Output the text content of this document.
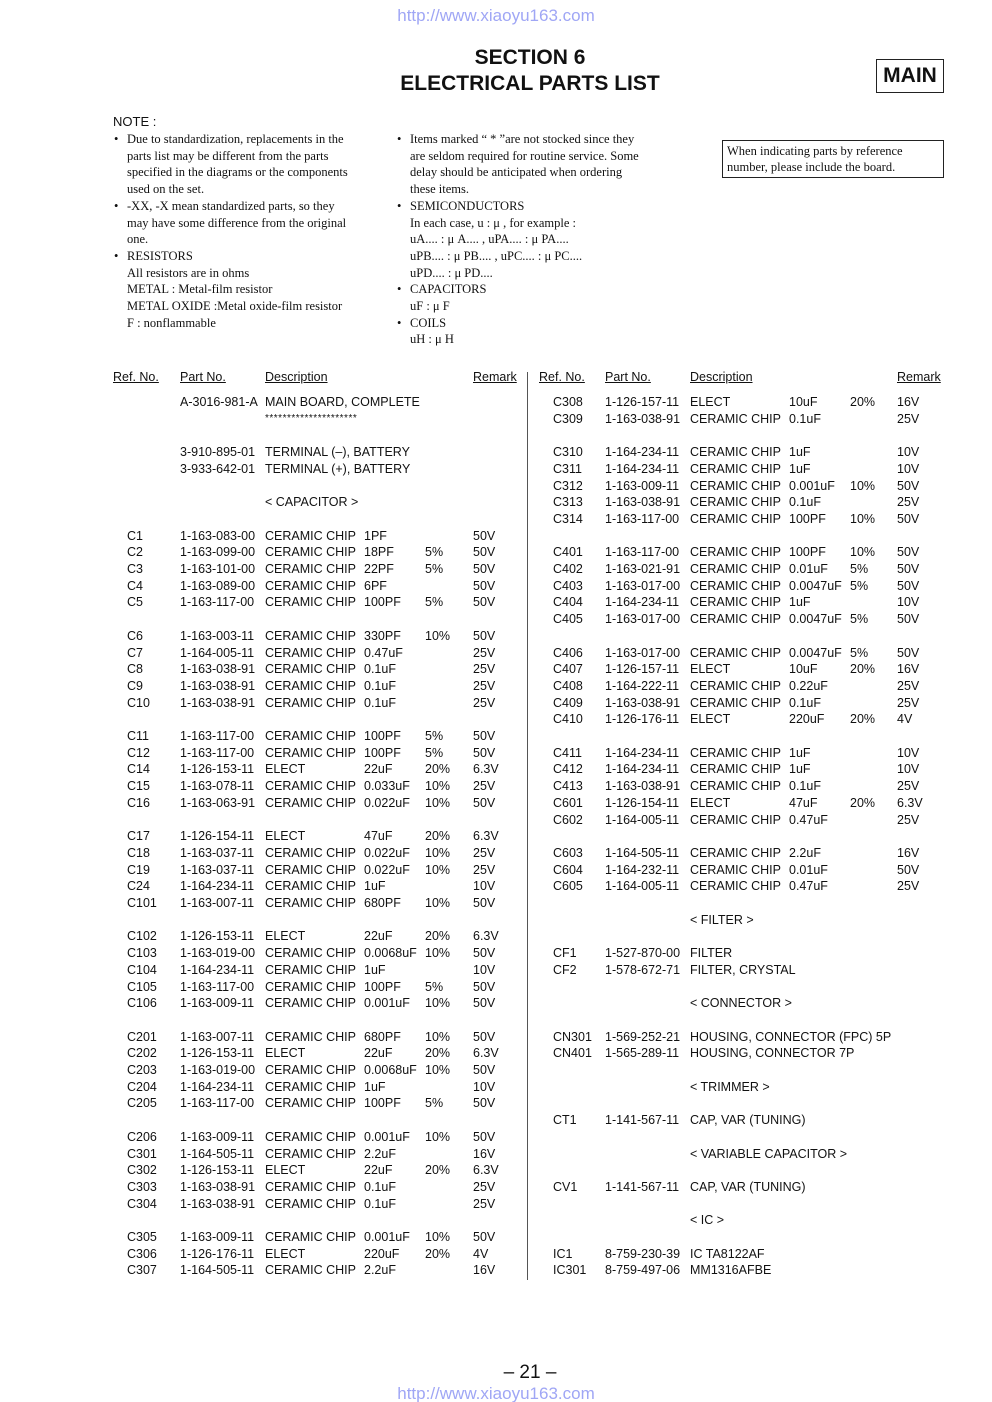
http://www.xiaoyu163.com
SECTION 6
ELECTRICAL PARTS LIST	MAIN
NOTE :
• Due to standardization, replacements in the
parts list may be different from the parts
specified in the diagrams or the components
used on the set.
• -XX, -X mean standardized parts, so they
may have some difference from the original
one.
• RESISTORS
All resistors are in ohms
METAL : Metal-film resistor
METAL OXIDE :Metal oxide-film resistor
F : nonflammable
• Items marked “ * ”are not stocked since they
are seldom required for routine service. Some
delay should be anticipated when ordering
these items.
• SEMICONDUCTORS
In each case, u : μ , for example :
uA.... : μ A.... , uPA.... : μ PA....
uPB.... : μ PB.... , uPC.... : μ PC....
uPD.... : μ PD....
• CAPACITORS
uF : μ F
• COILS
uH : μ H
When indicating parts by reference number, please include the board.
Ref. No. Part No.	Description	Remark Ref. No. Part No.	Description	Remark
A-3016-981-A MAIN BOARD, COMPLETE
*********************
3-910-895-01 TERMINAL (–), BATTERY
3-933-642-01 TERMINAL (+), BATTERY
< CAPACITOR >
C1	1-163-083-00 CERAMIC CHIP 1PF	50V
C2	1-163-099-00 CERAMIC CHIP 18PF 5% 50V
C3	1-163-101-00 CERAMIC CHIP 22PF 5% 50V
C4	1-163-089-00 CERAMIC CHIP 6PF	50V
C5	1-163-117-00 CERAMIC CHIP 100PF 5% 50V
C6	1-163-003-11 CERAMIC CHIP 330PF 10% 50V
C7	1-164-005-11 CERAMIC CHIP 0.47uF	25V
C8	1-163-038-91 CERAMIC CHIP 0.1uF	25V
C9	1-163-038-91 CERAMIC CHIP 0.1uF	25V
C10 1-163-038-91 CERAMIC CHIP 0.1uF	25V
C11 1-163-117-00 CERAMIC CHIP 100PF 5% 50V
C12 1-163-117-00 CERAMIC CHIP 100PF 5% 50V
C14 1-126-153-11 ELECT	22uF	20% 6.3V
C15 1-163-078-11 CERAMIC CHIP 0.033uF 10% 25V
C16 1-163-063-91 CERAMIC CHIP 0.022uF 10% 50V
C17 1-126-154-11 ELECT	47uF	20% 6.3V
C18 1-163-037-11 CERAMIC CHIP 0.022uF 10% 25V
C19 1-163-037-11 CERAMIC CHIP 0.022uF 10% 25V
C24 1-164-234-11 CERAMIC CHIP 1uF	10V
C101 1-163-007-11 CERAMIC CHIP 680PF 10% 50V
C102 1-126-153-11 ELECT	22uF	20% 6.3V
C103 1-163-019-00 CERAMIC CHIP 0.0068uF 10% 50V
C104 1-164-234-11 CERAMIC CHIP 1uF	10V
C105 1-163-117-00 CERAMIC CHIP 100PF 5% 50V
C106 1-163-009-11 CERAMIC CHIP 0.001uF 10% 50V
C201 1-163-007-11 CERAMIC CHIP 680PF 10% 50V
C202 1-126-153-11 ELECT	22uF	20% 6.3V
C203 1-163-019-00 CERAMIC CHIP 0.0068uF 10% 50V
C204 1-164-234-11 CERAMIC CHIP 1uF	10V
C205 1-163-117-00 CERAMIC CHIP 100PF 5% 50V
C206 1-163-009-11 CERAMIC CHIP 0.001uF 10% 50V
C301 1-164-505-11 CERAMIC CHIP 2.2uF	16V
C302 1-126-153-11 ELECT	22uF	20% 6.3V
C303 1-163-038-91 CERAMIC CHIP 0.1uF	25V
C304 1-163-038-91 CERAMIC CHIP 0.1uF	25V
C305 1-163-009-11 CERAMIC CHIP 0.001uF 10% 50V
C306 1-126-176-11 ELECT	220uF 20% 4V
C307 1-164-505-11 CERAMIC CHIP 2.2uF	16V
C308 1-126-157-11 ELECT	10uF	20% 16V
C309 1-163-038-91 CERAMIC CHIP 0.1uF	25V
C310 1-164-234-11 CERAMIC CHIP 1uF	10V
C311 1-164-234-11 CERAMIC CHIP 1uF	10V
C312 1-163-009-11 CERAMIC CHIP 0.001uF 10% 50V
C313 1-163-038-91 CERAMIC CHIP 0.1uF	25V
C314 1-163-117-00 CERAMIC CHIP 100PF 10% 50V
C401 1-163-117-00 CERAMIC CHIP 100PF 10% 50V
C402 1-163-021-91 CERAMIC CHIP 0.01uF 5% 50V
C403 1-163-017-00 CERAMIC CHIP 0.0047uF 5% 50V
C404 1-164-234-11 CERAMIC CHIP 1uF	10V
C405 1-163-017-00 CERAMIC CHIP 0.0047uF 5% 50V
C406 1-163-017-00 CERAMIC CHIP 0.0047uF 5% 50V
C407 1-126-157-11 ELECT	10uF	20% 16V
C408 1-164-222-11 CERAMIC CHIP 0.22uF	25V
C409 1-163-038-91 CERAMIC CHIP 0.1uF	25V
C410 1-126-176-11 ELECT	220uF 20% 4V
C411 1-164-234-11 CERAMIC CHIP 1uF	10V
C412 1-164-234-11 CERAMIC CHIP 1uF	10V
C413 1-163-038-91 CERAMIC CHIP 0.1uF	25V
C601 1-126-154-11 ELECT	47uF	20% 6.3V
C602 1-164-005-11 CERAMIC CHIP 0.47uF	25V
C603 1-164-505-11 CERAMIC CHIP 2.2uF	16V
C604 1-164-232-11 CERAMIC CHIP 0.01uF	50V
C605 1-164-005-11 CERAMIC CHIP 0.47uF	25V
< FILTER >
CF1 1-527-870-00 FILTER
CF2 1-578-672-71 FILTER, CRYSTAL
< CONNECTOR >
CN301 1-569-252-21 HOUSING, CONNECTOR (FPC) 5P
CN401 1-565-289-11 HOUSING, CONNECTOR 7P
< TRIMMER >
CT1 1-141-567-11 CAP, VAR (TUNING)
< VARIABLE CAPACITOR >
CV1 1-141-567-11 CAP, VAR (TUNING)
< IC >
IC1	8-759-230-39 IC TA8122AF
IC301 8-759-497-06 MM1316AFBE
– 21 –
http://www.xiaoyu163.com
